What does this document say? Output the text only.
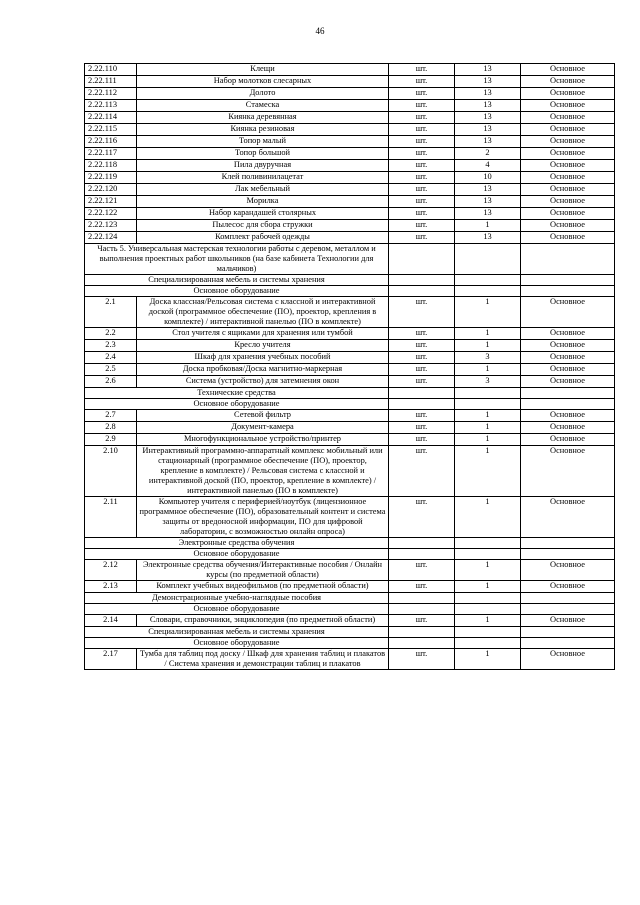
46
2.22.110	Клещи	шт.	13	Основное
2.22.111	Набор молотков слесарных	шт.	13	Основное
2.22.112	Долото	шт.	13	Основное
2.22.113	Стамеска	шт.	13	Основное
2.22.114	Киянка деревянная	шт.	13	Основное
2.22.115	Киянка резиновая	шт.	13	Основное
2.22.116	Топор малый	шт.	13	Основное
2.22.117	Топор большой	шт.	2	Основное
2.22.118	Пила двуручная	шт.	4	Основное
2.22.119	Клей поливинилацетат	шт.	10	Основное
2.22.120	Лак мебельный	шт.	13	Основное
2.22.121	Морилка	шт.	13	Основное
2.22.122	Набор карандашей столярных	шт.	13	Основное
2.22.123	Пылесос для сбора стружки	шт.	1	Основное
2.22.124	Комплект рабочей одежды	шт.	13	Основное
Часть 5. Универсальная мастерская технологии работы с деревом, металлом и выполнения проектных работ школьников (на базе кабинета Технологии для мальчиков)				
Специализированная мебель и системы хранения				
Основное оборудование				
2.1	Доска классная/Рельсовая система с классной и интерактивной доской (программное обеспечение (ПО), проектор, крепления в комплекте) / интерактивной панелью (ПО в комплекте)	шт.	1	Основное
2.2	Стол учителя с ящиками для хранения или тумбой	шт.	1	Основное
2.3	Кресло учителя	шт.	1	Основное
2.4	Шкаф для хранения учебных пособий	шт.	3	Основное
2.5	Доска пробковая/Доска магнитно-маркерная	шт.	1	Основное
2.6	Система (устройство) для затемнения окон	шт.	3	Основное
Технические средства				
Основное оборудование				
2.7	Сетевой фильтр	шт.	1	Основное
2.8	Документ-камера	шт.	1	Основное
2.9	Многофункциональное устройство/принтер	шт.	1	Основное
2.10	Интерактивный программно-аппаратный комплекс мобильный или стационарный (программное обеспечение (ПО), проектор, крепление в комплекте) / Рельсовая система с классной и интерактивной доской (ПО, проектор, крепление в комплекте) / интерактивной панелью (ПО в комплекте)	шт.	1	Основное
2.11	Компьютер учителя с периферией/ноутбук (лицензионное программное обеспечение (ПО), образовательный контент и система защиты от вредоносной информации, ПО для цифровой лаборатории, с возможностью онлайн опроса)	шт.	1	Основное
Электронные средства обучения				
Основное оборудование				
2.12	Электронные средства обучения/Интерактивные пособия / Онлайн курсы (по предметной области)	шт.	1	Основное
2.13	Комплект учебных видеофильмов (по предметной области)	шт.	1	Основное
Демонстрационные учебно-наглядные пособия				
Основное оборудование				
2.14	Словари, справочники, энциклопедия (по предметной области)	шт.	1	Основное
Специализированная мебель и системы хранения				
Основное оборудование				
2.17	Тумба для таблиц под доску / Шкаф для хранения таблиц и плакатов / Система хранения и демонстрации таблиц и плакатов	шт.	1	Основное
